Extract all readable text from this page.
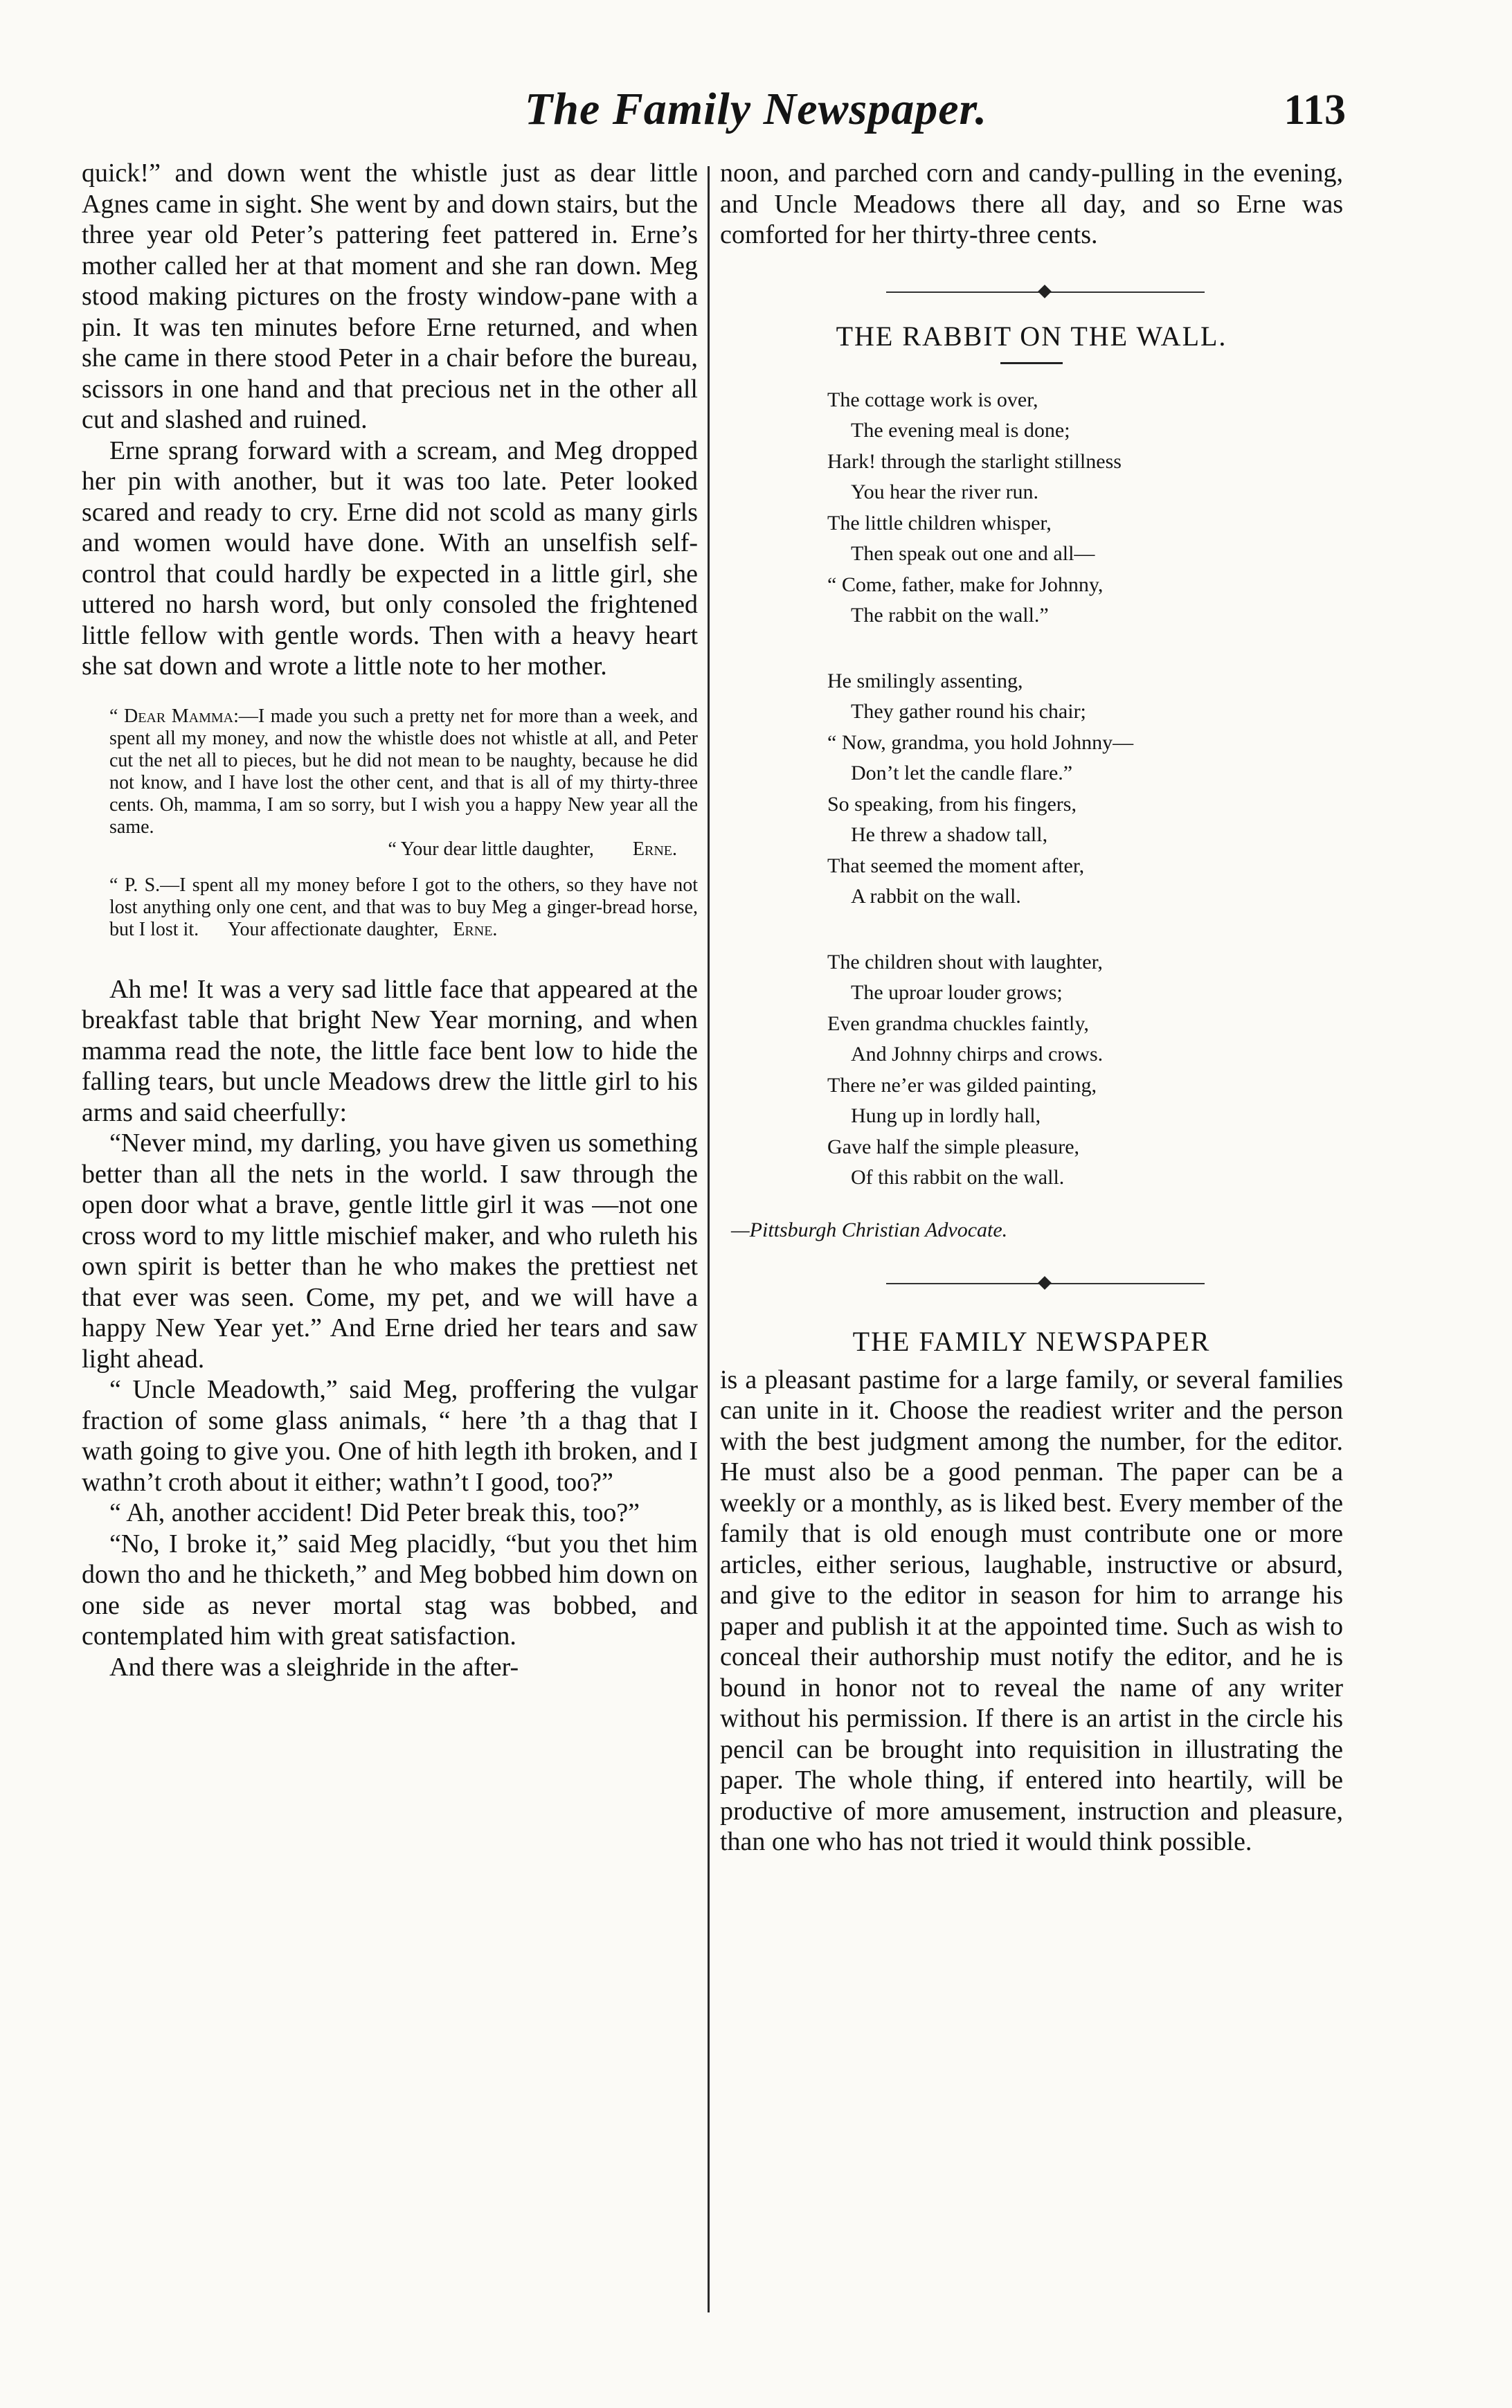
The Family Newspaper.	113

quick!” and down went the whistle just as dear little Agnes came in sight. She went by and down stairs, but the three year old Peter’s pattering feet pattered in. Erne’s mother called her at that moment and she ran down. Meg stood making pictures on the frosty window-pane with a pin. It was ten minutes before Erne returned, and when she came in there stood Peter in a chair before the bureau, scissors in one hand and that precious net in the other all cut and slashed and ruined.

Erne sprang forward with a scream, and Meg dropped her pin with another, but it was too late. Peter looked scared and ready to cry. Erne did not scold as many girls and women would have done. With an unselfish self-control that could hardly be expected in a little girl, she uttered no harsh word, but only consoled the frightened little fellow with gentle words. Then with a heavy heart she sat down and wrote a little note to her mother.

“ Dear Mamma:—I made you such a pretty net for more than a week, and spent all my money, and now the whistle does not whistle at all, and Peter cut the net all to pieces, but he did not mean to be naughty, because he did not know, and I have lost the other cent, and that is all of my thirty-three cents. Oh, mamma, I am so sorry, but I wish you a happy New year all the same.

“ Your dear little daughter, Erne.

“ P. S.—I spent all my money before I got to the others, so they have not lost anything only one cent, and that was to buy Meg a ginger-bread horse, but I lost it. Your affectionate daughter, Erne.

Ah me! It was a very sad little face that appeared at the breakfast table that bright New Year morning, and when mamma read the note, the little face bent low to hide the falling tears, but uncle Meadows drew the little girl to his arms and said cheerfully:

“Never mind, my darling, you have given us something better than all the nets in the world. I saw through the open door what a brave, gentle little girl it was —not one cross word to my little mischief maker, and who ruleth his own spirit is better than he who makes the prettiest net that ever was seen. Come, my pet, and we will have a happy New Year yet.” And Erne dried her tears and saw light ahead.

“ Uncle Meadowth,” said Meg, proffering the vulgar fraction of some glass animals, “ here ’th a thag that I wath going to give you. One of hith legth ith broken, and I wathn’t croth about it either; wathn’t I good, too?”

“ Ah, another accident! Did Peter break this, too?”

“No, I broke it,” said Meg placidly, “but you thet him down tho and he thicketh,” and Meg bobbed him down on one side as never mortal stag was bobbed, and contemplated him with great satisfaction.

And there was a sleighride in the after-

noon, and parched corn and candy-pulling in the evening, and Uncle Meadows there all day, and so Erne was comforted for her thirty-three cents.

THE RABBIT ON THE WALL.

The cottage work is over,

The evening meal is done;

Hark! through the starlight stillness

You hear the river run.

The little children whisper,

Then speak out one and all—

“ Come, father, make for Johnny,

The rabbit on the wall.”

He smilingly assenting,

They gather round his chair;

“ Now, grandma, you hold Johnny—

Don’t let the candle flare.”

So speaking, from his fingers,

He threw a shadow tall,

That seemed the moment after,

A rabbit on the wall.

The children shout with laughter,

The uproar louder grows;

Even grandma chuckles faintly,

And Johnny chirps and crows.

There ne’er was gilded painting,

Hung up in lordly hall,

Gave half the simple pleasure,

Of this rabbit on the wall.

—Pittsburgh Christian Advocate.
THE FAMILY NEWSPAPER

is a pleasant pastime for a large family, or several families can unite in it. Choose the readiest writer and the person with the best judgment among the number, for the editor. He must also be a good penman. The paper can be a weekly or a monthly, as is liked best. Every member of the family that is old enough must contribute one or more articles, either serious, laughable, instructive or absurd, and give to the editor in season for him to arrange his paper and publish it at the appointed time. Such as wish to conceal their authorship must notify the editor, and he is bound in honor not to reveal the name of any writer without his permission. If there is an artist in the circle his pencil can be brought into requisition in illustrating the paper. The whole thing, if entered into heartily, will be productive of more amusement, instruction and pleasure, than one who has not tried it would think possible.
